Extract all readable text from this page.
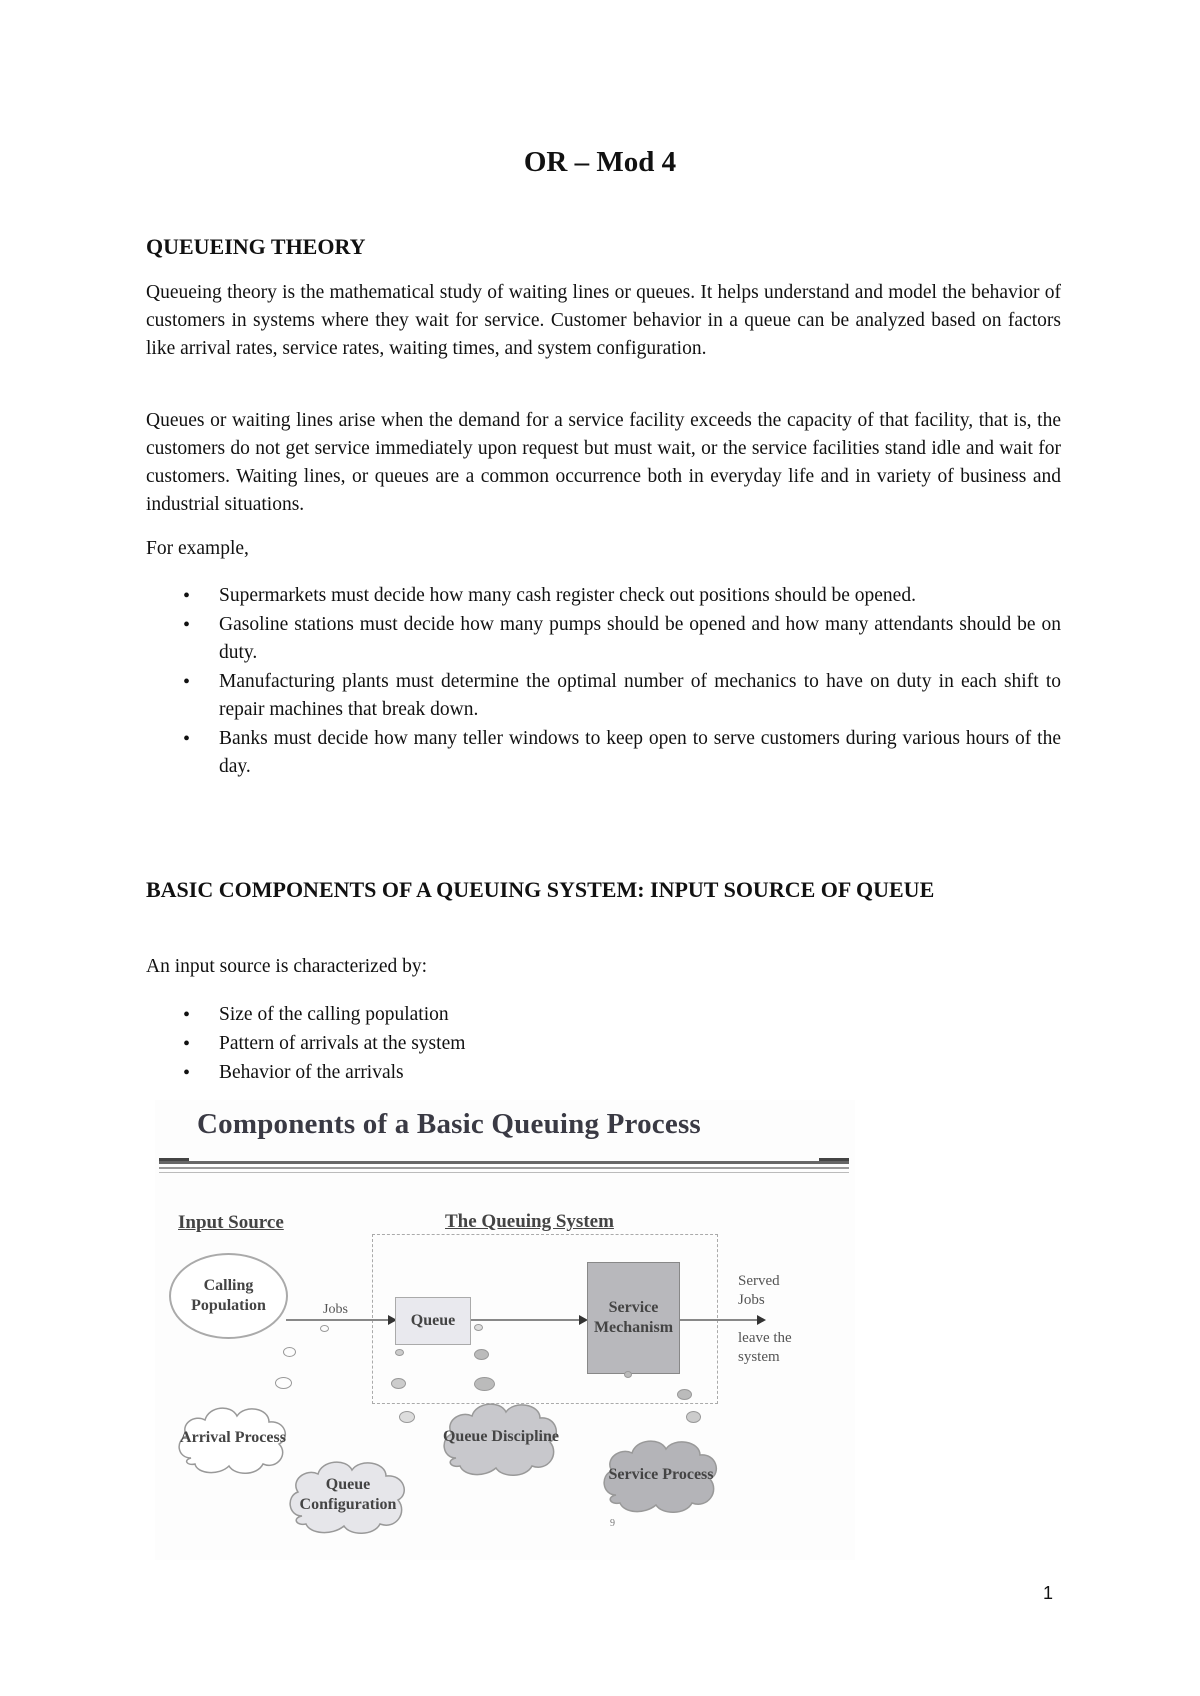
OR – Mod 4
QUEUEING THEORY
Queueing theory is the mathematical study of waiting lines or queues. It helps understand and model the behavior of customers in systems where they wait for service. Customer behavior in a queue can be analyzed based on factors like arrival rates, service rates, waiting times, and system configuration.
Queues or waiting lines arise when the demand for a service facility exceeds the capacity of that facility, that is, the customers do not get service immediately upon request but must wait, or the service facilities stand idle and wait for customers. Waiting lines, or queues are a common occurrence both in everyday life and in variety of business and industrial situations.
For example,
• Supermarkets must decide how many cash register check out positions should be opened.
• Gasoline stations must decide how many pumps should be opened and how many attendants should be on duty.
• Manufacturing plants must determine the optimal number of mechanics to have on duty in each shift to repair machines that break down.
• Banks must decide how many teller windows to keep open to serve customers during various hours of the day.
BASIC COMPONENTS OF A QUEUING SYSTEM: INPUT SOURCE OF QUEUE
An input source is characterized by:
• Size of the calling population
• Pattern of arrivals at the system
• Behavior of the arrivals
Components of a Basic Queuing Process
Input Source	The Queuing System
Calling Population	Jobs
Queue
Service Mechanism
Served Jobs
leave the system
Arrival Process
Queue Configuration
Queue Discipline
Service Process
9
1
